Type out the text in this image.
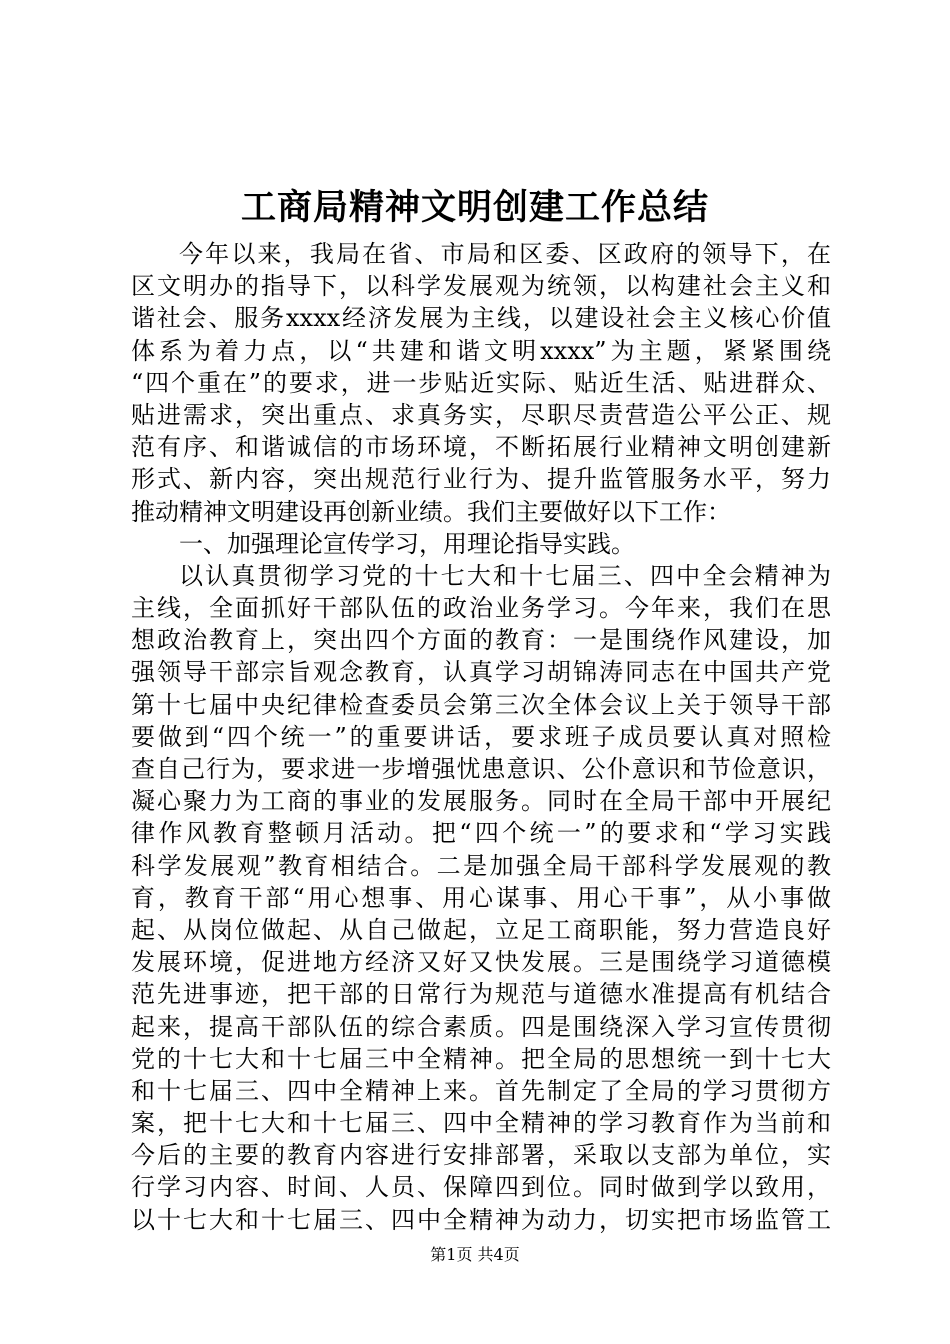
工商局精神文明创建工作总结
今年以来，我局在省、市局和区委、区政府的领导下，在
区文明办的指导下，以科学发展观为统领，以构建社会主义和
谐社会、服务xxxx经济发展为主线，以建设社会主义核心价值
体系为着力点，以“共建和谐文明xxxx”为主题，紧紧围绕
“四个重在”的要求，进一步贴近实际、贴近生活、贴进群众、
贴进需求，突出重点、求真务实，尽职尽责营造公平公正、规
范有序、和谐诚信的市场环境，不断拓展行业精神文明创建新
形式、新内容，突出规范行业行为、提升监管服务水平，努力
推动精神文明建设再创新业绩。我们主要做好以下工作：
一、加强理论宣传学习，用理论指导实践。
以认真贯彻学习党的十七大和十七届三、四中全会精神为
主线，全面抓好干部队伍的政治业务学习。今年来，我们在思
想政治教育上，突出四个方面的教育：一是围绕作风建设，加
强领导干部宗旨观念教育，认真学习胡锦涛同志在中国共产党
第十七届中央纪律检查委员会第三次全体会议上关于领导干部
要做到“四个统一”的重要讲话，要求班子成员要认真对照检
查自己行为，要求进一步增强忧患意识、公仆意识和节俭意识，
凝心聚力为工商的事业的发展服务。同时在全局干部中开展纪
律作风教育整顿月活动。把“四个统一”的要求和“学习实践
科学发展观”教育相结合。二是加强全局干部科学发展观的教
育，教育干部“用心想事、用心谋事、用心干事”，从小事做
起、从岗位做起、从自己做起，立足工商职能，努力营造良好
发展环境，促进地方经济又好又快发展。三是围绕学习道德模
范先进事迹，把干部的日常行为规范与道德水准提高有机结合
起来，提高干部队伍的综合素质。四是围绕深入学习宣传贯彻
党的十七大和十七届三中全精神。把全局的思想统一到十七大
和十七届三、四中全精神上来。首先制定了全局的学习贯彻方
案，把十七大和十七届三、四中全精神的学习教育作为当前和
今后的主要的教育内容进行安排部署，采取以支部为单位，实
行学习内容、时间、人员、保障四到位。同时做到学以致用，
以十七大和十七届三、四中全精神为动力，切实把市场监管工
第1页 共4页
